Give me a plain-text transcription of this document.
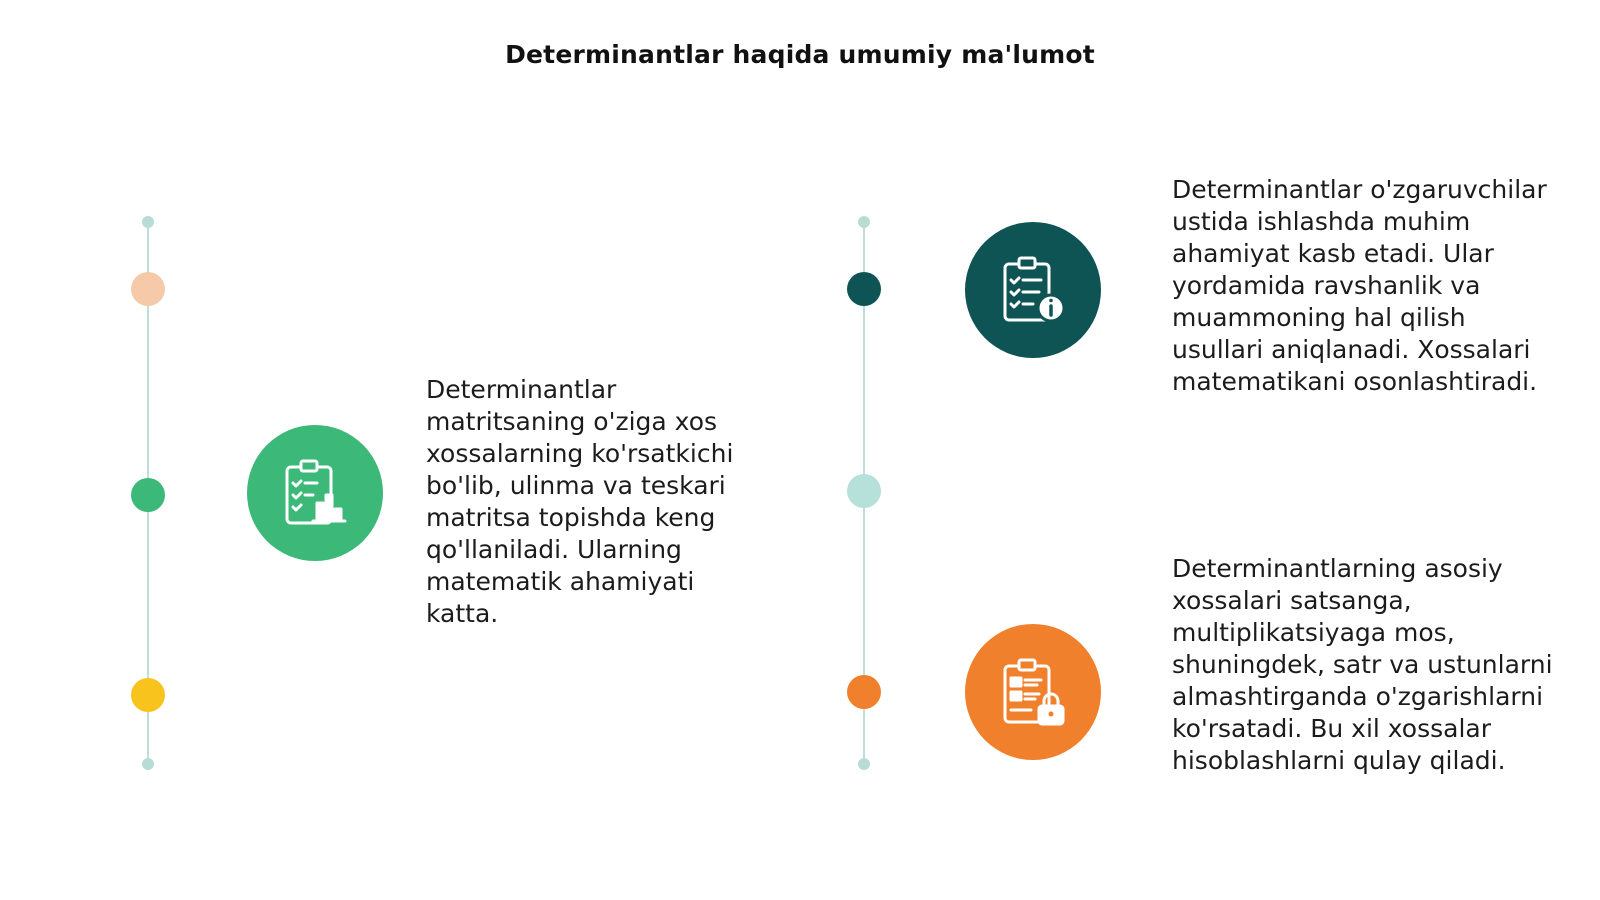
Determinantlar haqida umumiy ma'lumot
Determinantlar matritsaning o'ziga xos xossalarning ko'rsatkichi bo'lib, ulinma va teskari matritsa topishda keng qo'llaniladi. Ularning matematik ahamiyati katta.
Determinantlar o'zgaruvchilar ustida ishlashda muhim ahamiyat kasb etadi. Ular yordamida ravshanlik va muammoning hal qilish usullari aniqlanadi. Xossalari matematikani osonlashtiradi.
Determinantlarning asosiy xossalari satsanga, multiplikatsiyaga mos, shuningdek, satr va ustunlarni almashtirganda o'zgarishlarni ko'rsatadi. Bu xil xossalar hisoblashlarni qulay qiladi.
